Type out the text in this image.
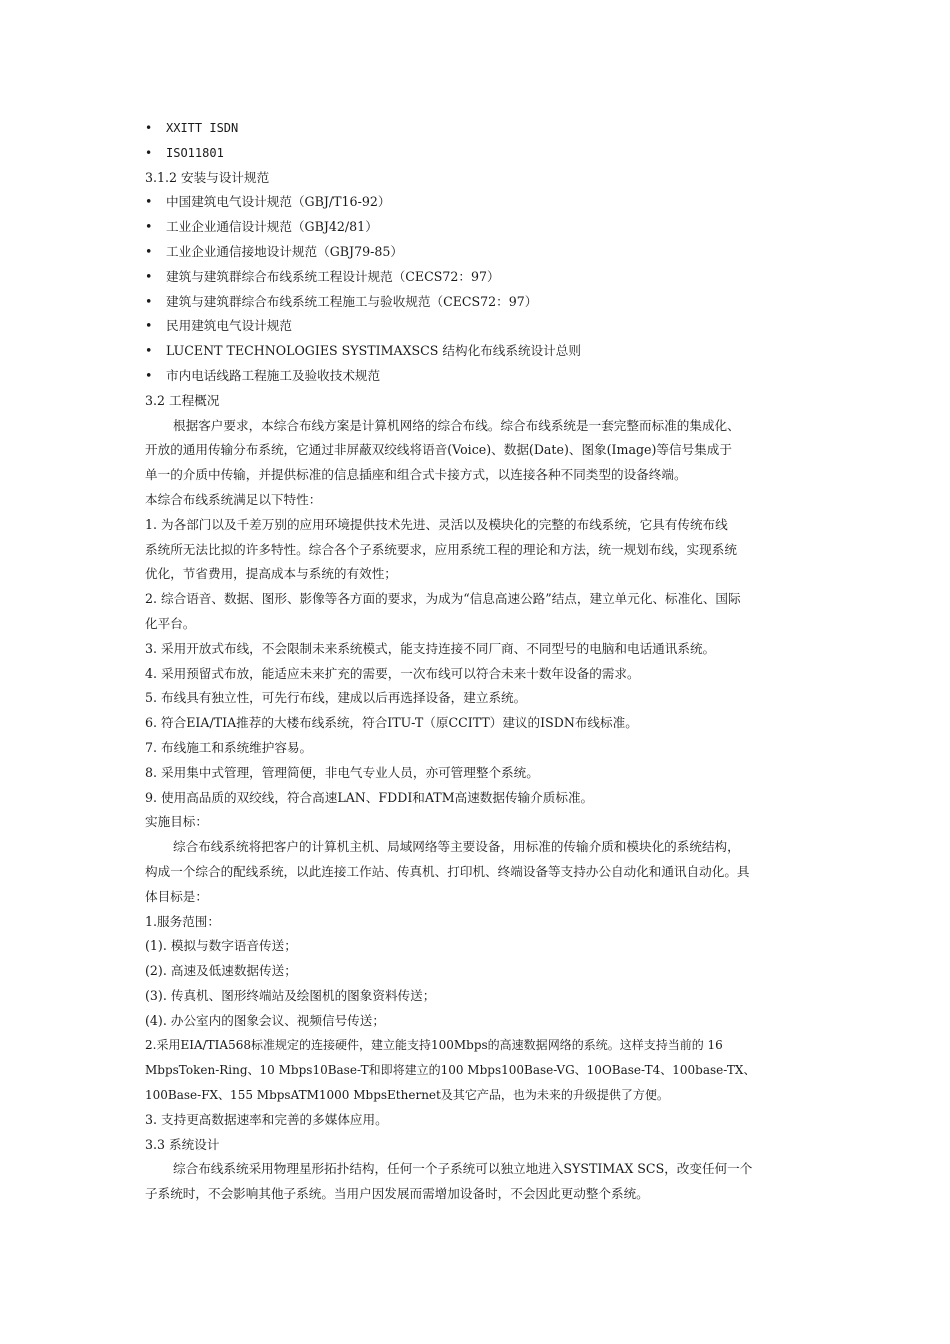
• XXITT ISDN
• ISO11801
3.1.2 安装与设计规范
• 中国建筑电气设计规范（GBJ/T16-92）
• 工业企业通信设计规范（GBJ42/81）
• 工业企业通信接地设计规范（GBJ79-85）
• 建筑与建筑群综合布线系统工程设计规范（CECS72：97）
• 建筑与建筑群综合布线系统工程施工与验收规范（CECS72：97）
• 民用建筑电气设计规范
• LUCENT TECHNOLOGIES SYSTIMAXSCS 结构化布线系统设计总则
• 市内电话线路工程施工及验收技术规范
3.2 工程概况
根据客户要求，本综合布线方案是计算机网络的综合布线。综合布线系统是一套完整而标准的集成化、
开放的通用传输分布系统，它通过非屏蔽双绞线将语音(Voice)、数据(Date)、图象(Image)等信号集成于
单一的介质中传输，并提供标准的信息插座和组合式卡接方式，以连接各种不同类型的设备终端。
本综合布线系统满足以下特性：
1. 为各部门以及千差万别的应用环境提供技术先进、灵活以及模块化的完整的布线系统，它具有传统布线
系统所无法比拟的许多特性。综合各个子系统要求，应用系统工程的理论和方法，统一规划布线，实现系统
优化，节省费用，提高成本与系统的有效性；
2. 综合语音、数据、图形、影像等各方面的要求，为成为“信息高速公路”结点，建立单元化、标准化、国际
化平台。
3. 采用开放式布线，不会限制未来系统模式，能支持连接不同厂商、不同型号的电脑和电话通讯系统。
4. 采用预留式布放，能适应未来扩充的需要，一次布线可以符合未来十数年设备的需求。
5. 布线具有独立性，可先行布线，建成以后再选择设备，建立系统。
6. 符合EIA/TIA推荐的大楼布线系统，符合ITU-T（原CCITT）建议的ISDN布线标准。
7. 布线施工和系统维护容易。
8. 采用集中式管理，管理简便，非电气专业人员，亦可管理整个系统。
9. 使用高品质的双绞线，符合高速LAN、FDDI和ATM高速数据传输介质标准。
实施目标：
综合布线系统将把客户的计算机主机、局域网络等主要设备，用标准的传输介质和模块化的系统结构，
构成一个综合的配线系统，以此连接工作站、传真机、打印机、终端设备等支持办公自动化和通讯自动化。具
体目标是：
1.服务范围：
(1). 模拟与数字语音传送；
(2). 高速及低速数据传送；
(3). 传真机、图形终端站及绘图机的图象资料传送；
(4). 办公室内的图象会议、视频信号传送；
2.采用EIA/TIA568标准规定的连接硬件，建立能支持100Mbps的高速数据网络的系统。这样支持当前的 16
MbpsToken-Ring、10 Mbps10Base-T和即将建立的100 Mbps100Base-VG、10OBase-T4、100base-TX、
100Base-FX、155 MbpsATM1000 MbpsEthernet及其它产品，也为未来的升级提供了方便。
3. 支持更高数据速率和完善的多媒体应用。
3.3 系统设计
综合布线系统采用物理星形拓扑结构，任何一个子系统可以独立地进入SYSTIMAX SCS，改变任何一个
子系统时，不会影响其他子系统。当用户因发展而需增加设备时，不会因此更动整个系统。
